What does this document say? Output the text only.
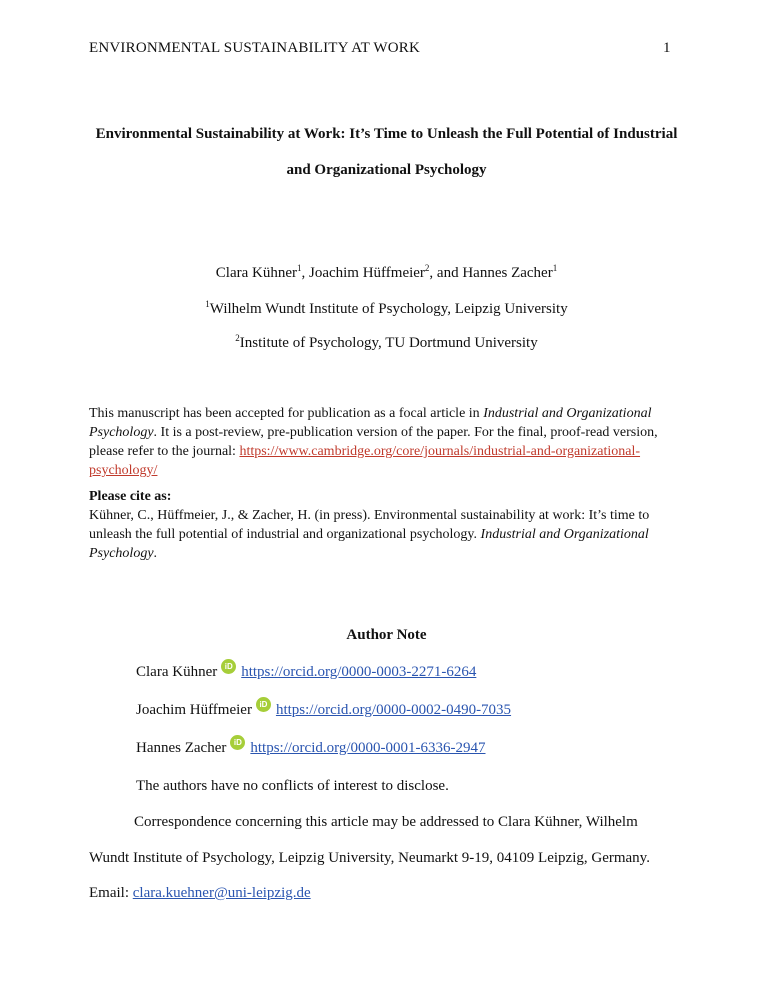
ENVIRONMENTAL SUSTAINABILITY AT WORK	1
Environmental Sustainability at Work: It’s Time to Unleash the Full Potential of Industrial
and Organizational Psychology
Clara Kühner$^1$, Joachim Hüffmeier$^2$, and Hannes Zacher$^1$
$^1$Wilhelm Wundt Institute of Psychology, Leipzig University
$^2$Institute of Psychology, TU Dortmund University
This manuscript has been accepted for publication as a focal article in Industrial and Organizational Psychology. It is a post-review, pre-publication version of the paper. For the final, proof-read version, please refer to the journal: https://www.cambridge.org/core/journals/industrial-and-organizational-psychology/
Please cite as:
Kühner, C., Hüffmeier, J., & Zacher, H. (in press). Environmental sustainability at work: It’s time to unleash the full potential of industrial and organizational psychology. Industrial and Organizational Psychology.
Author Note
Clara Kühner iD https://orcid.org/0000-0003-2271-6264
Joachim Hüffmeier iD https://orcid.org/0000-0002-0490-7035
Hannes Zacher iD https://orcid.org/0000-0001-6336-2947
The authors have no conflicts of interest to disclose.
Correspondence concerning this article may be addressed to Clara Kühner, Wilhelm
Wundt Institute of Psychology, Leipzig University, Neumarkt 9-19, 04109 Leipzig, Germany.
Email: clara.kuehner@uni-leipzig.de
